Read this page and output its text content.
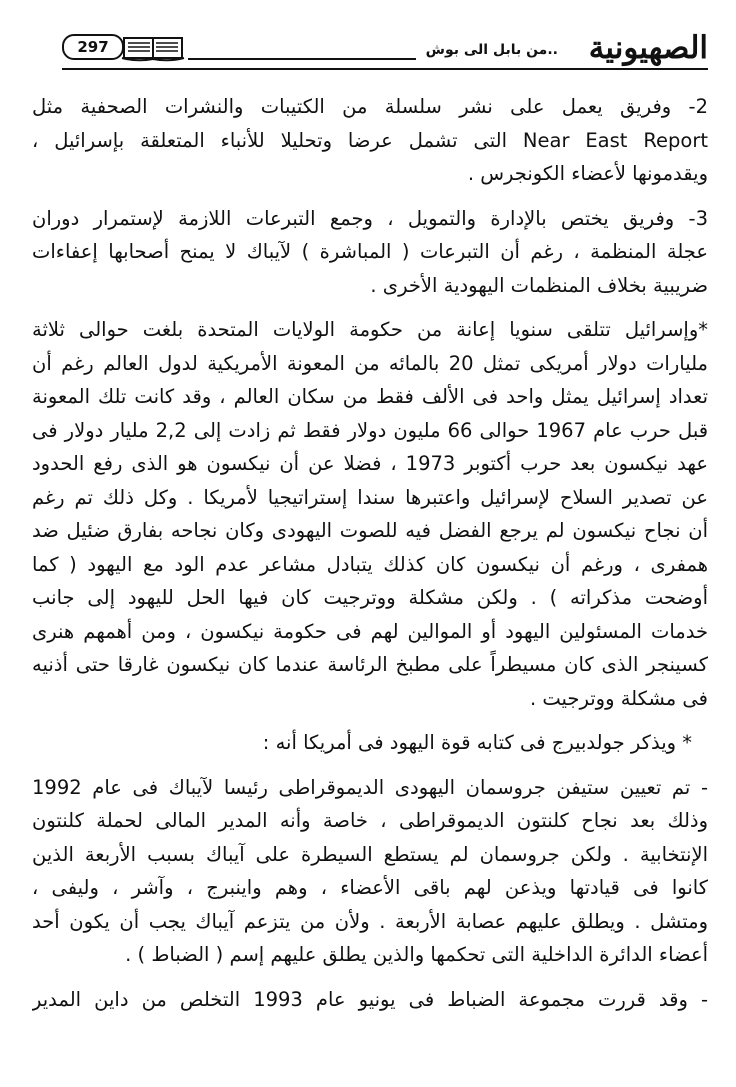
الصهيونية
..من بابل الى بوش
297

2- وفريق يعمل على نشر سلسلة من الكتيبات والنشرات الصحفية مثل
Near East Report التى تشمل عرضا وتحليلا للأنباء المتعلقة بإسرائيل ،
ويقدمونها لأعضاء الكونجرس .

3- وفريق يختص بالإدارة والتمويل ، وجمع التبرعات اللازمة لإستمرار دوران
عجلة المنظمة ، رغم أن التبرعات ( المباشرة ) لآيباك لا يمنح أصحابها إعفاءات
ضريبية بخلاف المنظمات اليهودية الأخرى .

*وإسرائيل تتلقى سنويا إعانة من حكومة الولايات المتحدة بلغت حوالى ثلاثة
مليارات دولار أمريكى تمثل 20 بالمائه من المعونة الأمريكية لدول العالم رغم أن
تعداد إسرائيل يمثل واحد فى الألف فقط من سكان العالم ، وقد كانت تلك المعونة
قبل حرب عام 1967 حوالى 66 مليون دولار فقط ثم زادت إلى 2,2 مليار دولار فى
عهد نيكسون بعد حرب أكتوبر 1973 ، فضلا عن أن نيكسون هو الذى رفع الحدود
عن تصدير السلاح لإسرائيل واعتبرها سندا إستراتيجيا لأمريكا . وكل ذلك تم رغم
أن نجاح نيكسون لم يرجع الفضل فيه للصوت اليهودى وكان نجاحه بفارق ضئيل ضد
همفرى ، ورغم أن نيكسون كان كذلك يتبادل مشاعر عدم الود مع اليهود ( كما
أوضحت مذكراته ) . ولكن مشكلة ووترجيت كان فيها الحل لليهود إلى جانب
خدمات المسئولين اليهود أو الموالين لهم فى حكومة نيكسون ، ومن أهمهم هنرى
كسينجر الذى كان مسيطراً على مطبخ الرئاسة عندما كان نيكسون غارقا حتى أذنيه
فى مشكلة ووترجيت .

* ويذكر جولدبيرج فى كتابه قوة اليهود فى أمريكا أنه :

- تم تعيين ستيفن جروسمان اليهودى الديموقراطى رئيسا لآيباك فى عام 1992
وذلك بعد نجاح كلنتون الديموقراطى ، خاصة وأنه المدير المالى لحملة كلنتون
الإنتخابية . ولكن جروسمان لم يستطع السيطرة على آيباك بسبب الأربعة الذين
كانوا فى قيادتها ويذعن لهم باقى الأعضاء ، وهم واينبرج ، وآشر ، وليفى ،
ومتشل . ويطلق عليهم عصابة الأربعة . ولأن من يتزعم آيباك يجب أن يكون أحد
أعضاء الدائرة الداخلية التى تحكمها والذين يطلق عليهم إسم ( الضباط ) .

- وقد قررت مجموعة الضباط فى يونيو عام 1993 التخلص من داين المدير
